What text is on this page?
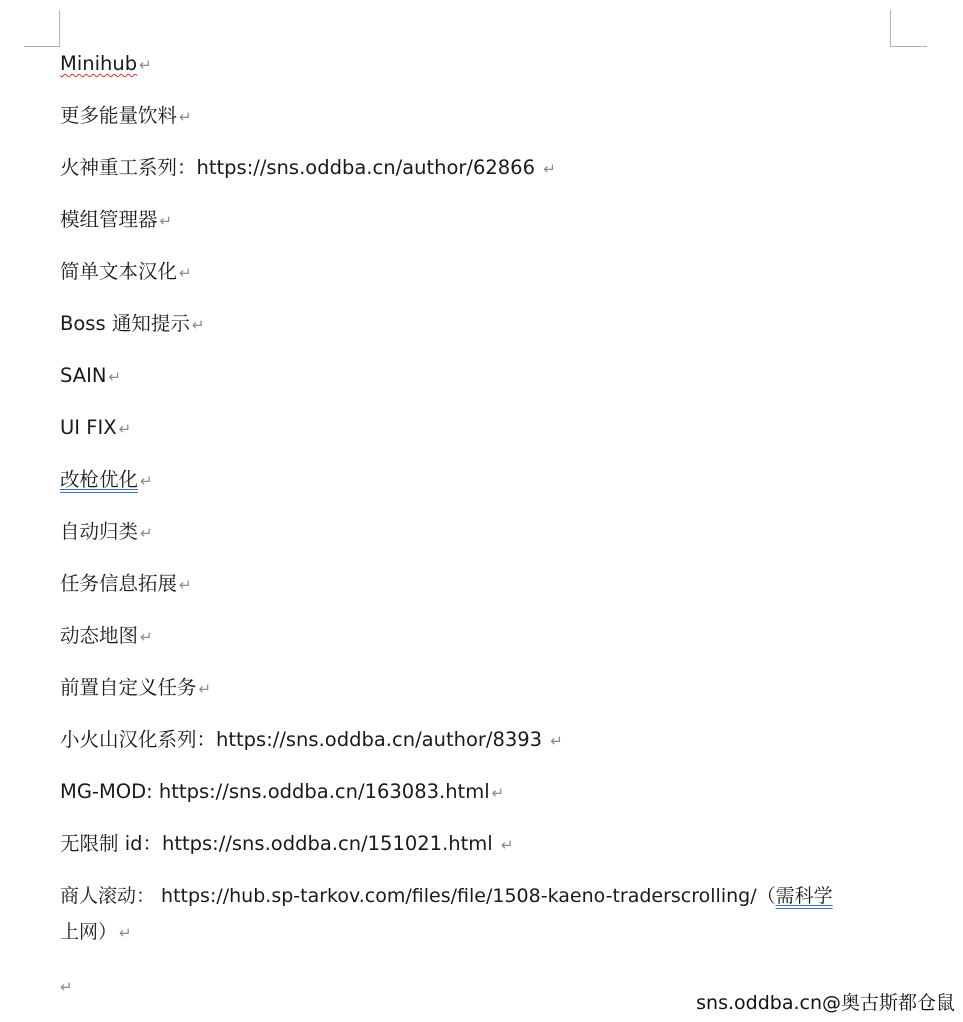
Minihub ↵
更多能量饮料 ↵
火神重工系列：https://sns.oddba.cn/author/62866 ↵
模组管理器 ↵
简单文本汉化 ↵
Boss 通知提示 ↵
SAIN ↵
UI FIX ↵
改枪优化 ↵
自动归类 ↵
任务信息拓展 ↵
动态地图 ↵
前置自定义任务 ↵
小火山汉化系列：https://sns.oddba.cn/author/8393 ↵
MG-MOD: https://sns.oddba.cn/163083.html ↵
无限制 id：https://sns.oddba.cn/151021.html ↵
商人滚动： https://hub.sp-tarkov.com/files/file/1508-kaeno-traderscrolling/（需科学
上网） ↵
↵
sns.oddba.cn@奥古斯都仓鼠
